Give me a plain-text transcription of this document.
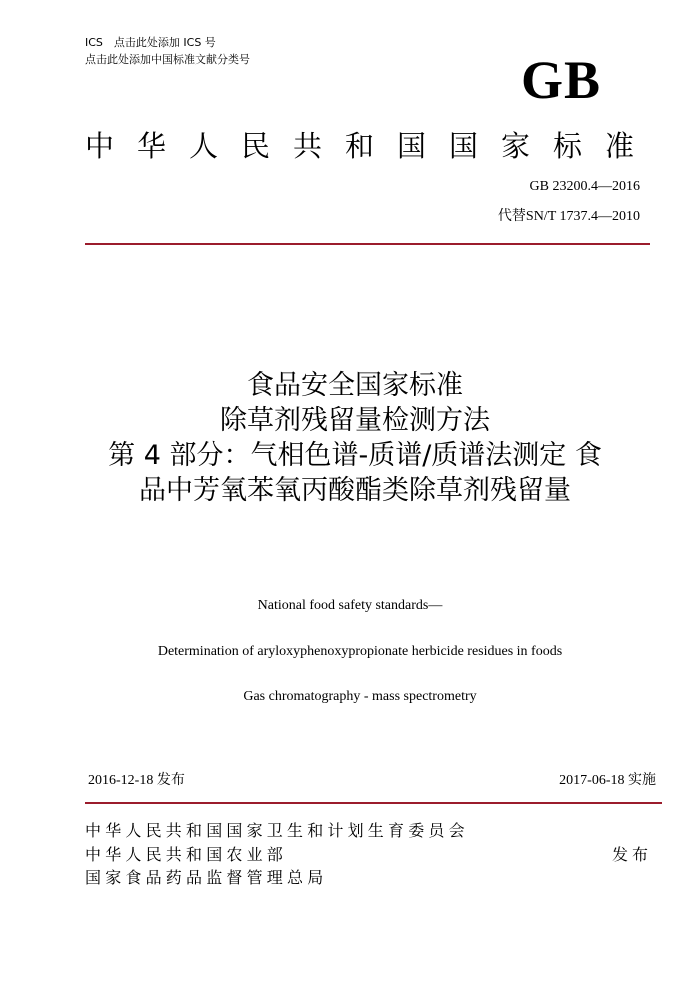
ICS　点击此处添加 ICS 号
点击此处添加中国标准文献分类号	GB
中华人民共和国国家标准
GB 23200.4—2016
代替SN/T 1737.4—2010
食品安全国家标准
除草剂残留量检测方法
第 4 部分：气相色谱-质谱/质谱法测定 食
品中芳氧苯氧丙酸酯类除草剂残留量
National food safety standards—
Determination of aryloxyphenoxypropionate herbicide residues in foods
Gas chromatography - mass spectrometry
2016-12-18 发布	2017-06-18 实施
中华人民共和国国家卫生和计划生育委员会
中华人民共和国农业部
国家食品药品监督管理总局
发布
